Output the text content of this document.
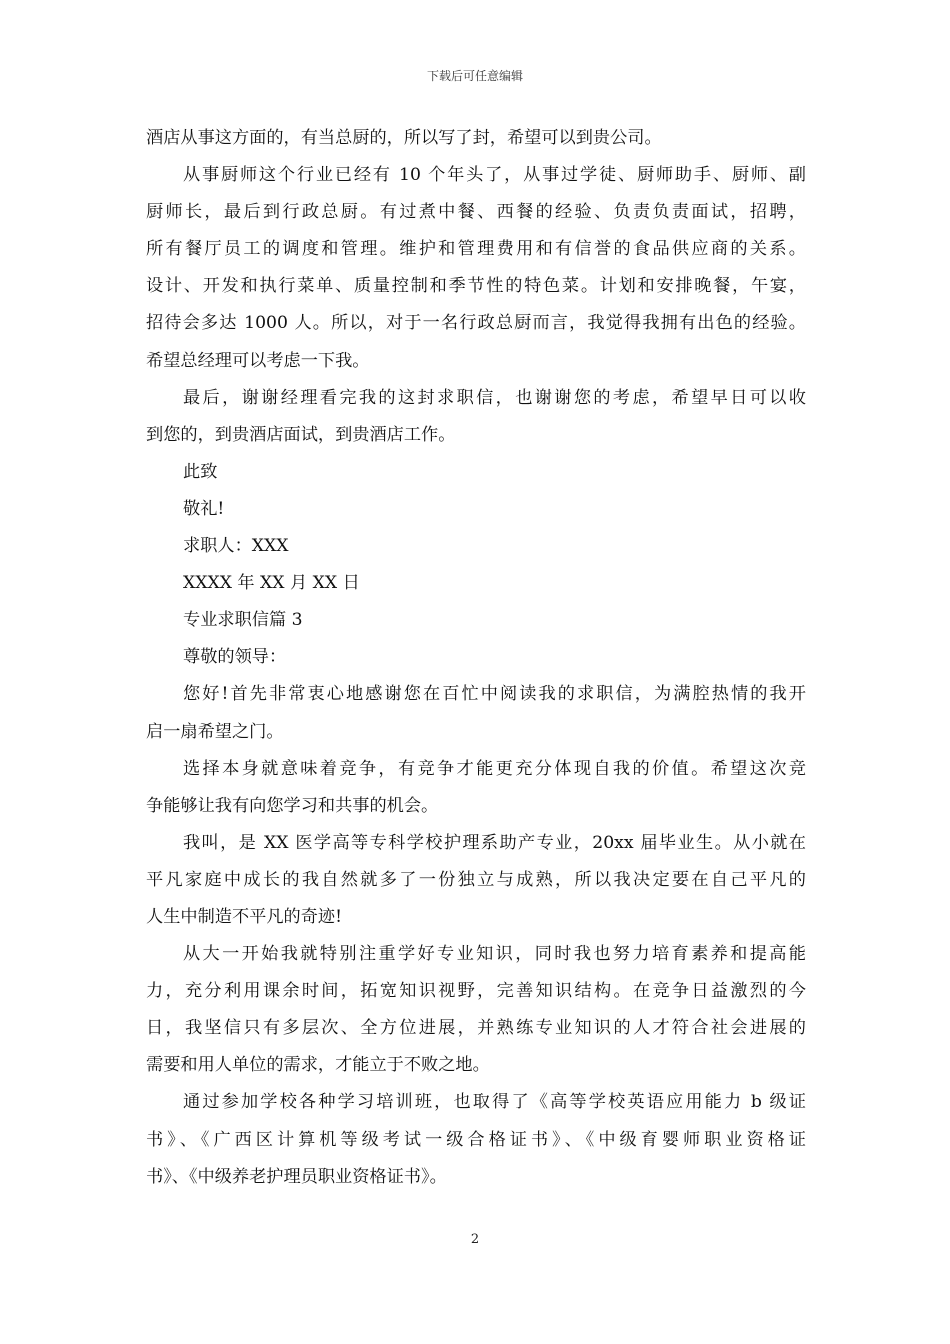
下载后可任意编辑
酒店从事这方面的，有当总厨的，所以写了封，希望可以到贵公司。
从事厨师这个行业已经有 10 个年头了，从事过学徒、厨师助手、厨师、副
厨师长，最后到行政总厨。有过煮中餐、西餐的经验、负责负责面试，招聘，
所有餐厅员工的调度和管理。维护和管理费用和有信誉的食品供应商的关系。
设计、开发和执行菜单、质量控制和季节性的特色菜。计划和安排晚餐，午宴，
招待会多达 1000 人。所以，对于一名行政总厨而言，我觉得我拥有出色的经验。
希望总经理可以考虑一下我。
最后，谢谢经理看完我的这封求职信，也谢谢您的考虑，希望早日可以收
到您的，到贵酒店面试，到贵酒店工作。
此致
敬礼!
求职人：XXX
XXXX 年 XX 月 XX 日
专业求职信篇 3
尊敬的领导：
您好!首先非常衷心地感谢您在百忙中阅读我的求职信，为满腔热情的我开
启一扇希望之门。
选择本身就意味着竞争，有竞争才能更充分体现自我的价值。希望这次竞
争能够让我有向您学习和共事的机会。
我叫，是 XX 医学高等专科学校护理系助产专业，20xx 届毕业生。从小就在
平凡家庭中成长的我自然就多了一份独立与成熟，所以我决定要在自己平凡的
人生中制造不平凡的奇迹!
从大一开始我就特别注重学好专业知识，同时我也努力培育素养和提高能
力，充分利用课余时间，拓宽知识视野，完善知识结构。在竞争日益激烈的今
日，我坚信只有多层次、全方位进展，并熟练专业知识的人才符合社会进展的
需要和用人单位的需求，才能立于不败之地。
通过参加学校各种学习培训班，也取得了《高等学校英语应用能力 b 级证
书》、《广西区计算机等级考试一级合格证书》、《中级育婴师职业资格证
书》、《中级养老护理员职业资格证书》。
2
